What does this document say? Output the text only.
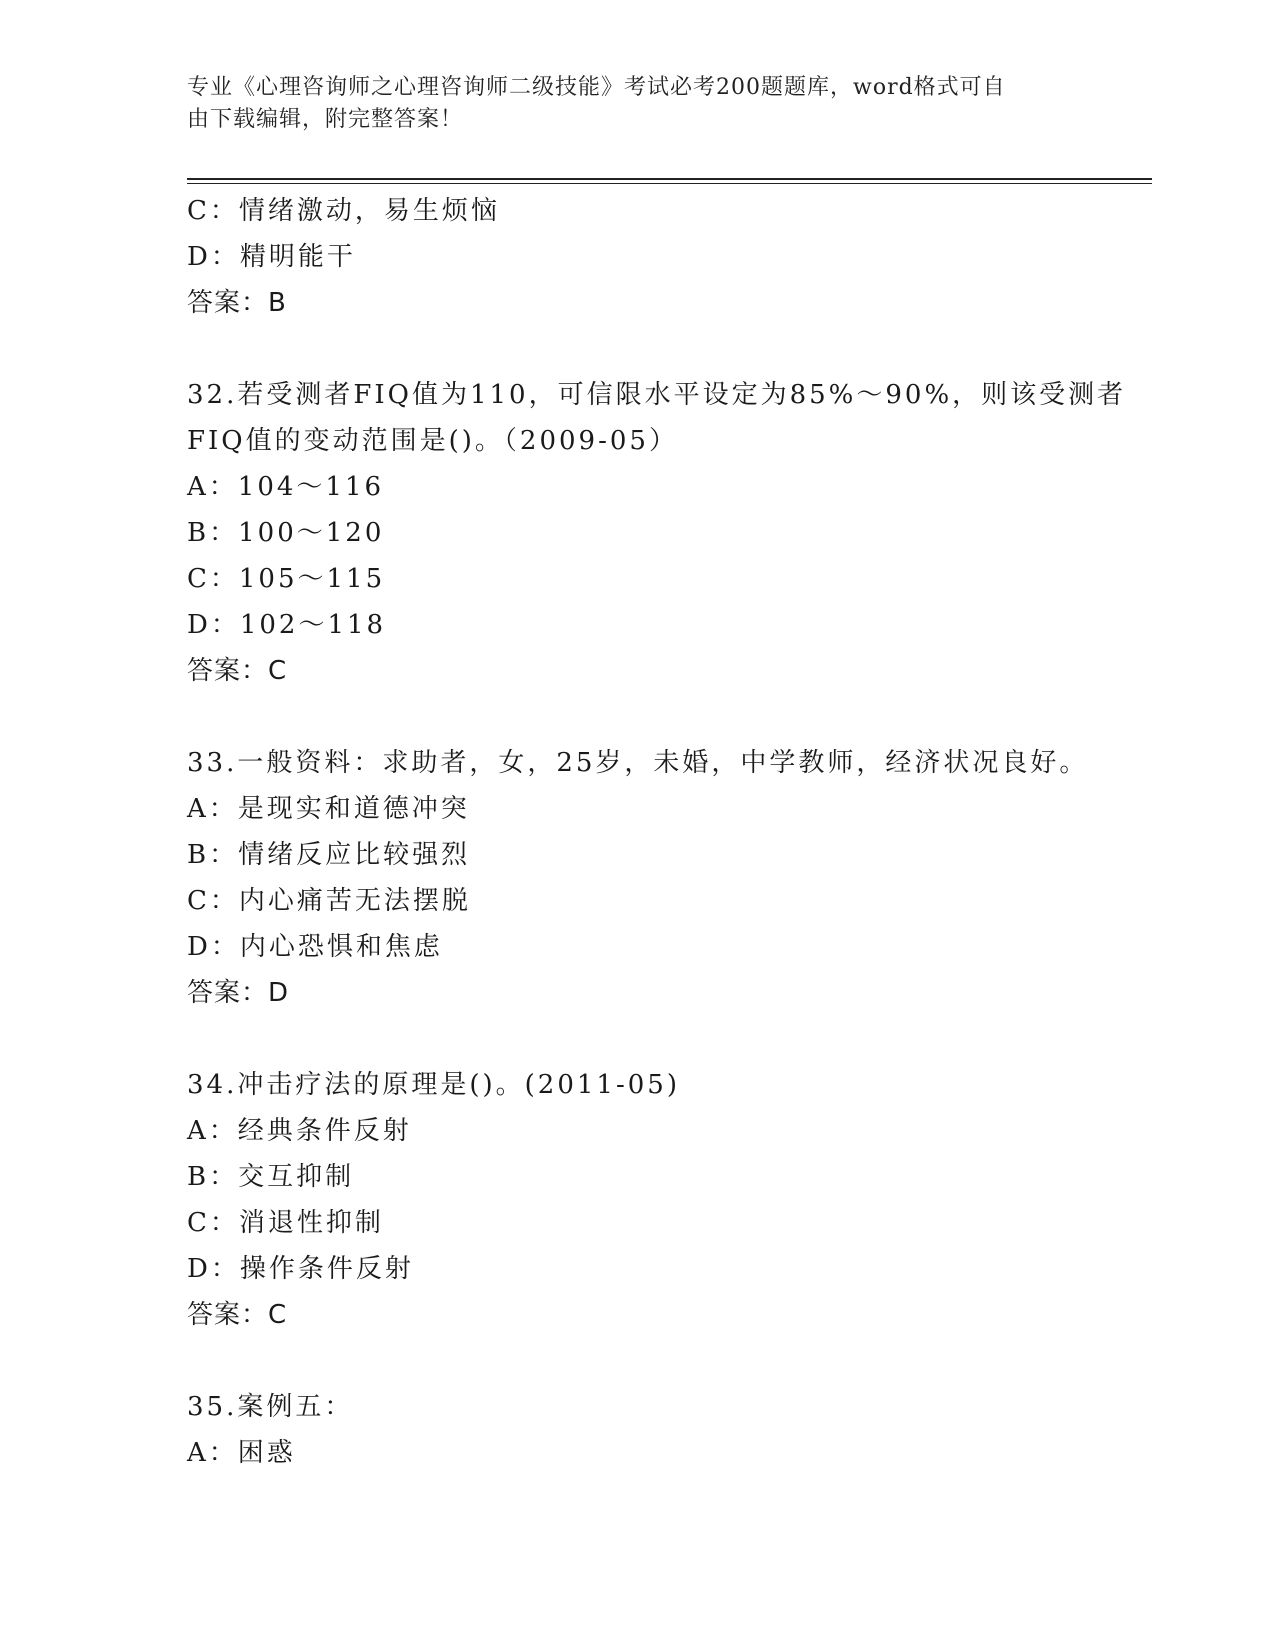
专业《心理咨询师之心理咨询师二级技能》考试必考200题题库，word格式可自
由下载编辑，附完整答案！
C：情绪激动，易生烦恼
D：精明能干
答案：B
32.若受测者FIQ值为110，可信限水平设定为85%～90%，则该受测者
FIQ值的变动范围是()。（2009-05）
A：104～116
B：100～120
C：105～115
D：102～118
答案：C
33.一般资料：求助者，女，25岁，未婚，中学教师，经济状况良好。
A：是现实和道德冲突
B：情绪反应比较强烈
C：内心痛苦无法摆脱
D：内心恐惧和焦虑
答案：D
34.冲击疗法的原理是()。(2011-05)
A：经典条件反射
B：交互抑制
C：消退性抑制
D：操作条件反射
答案：C
35.案例五：
A：困惑
